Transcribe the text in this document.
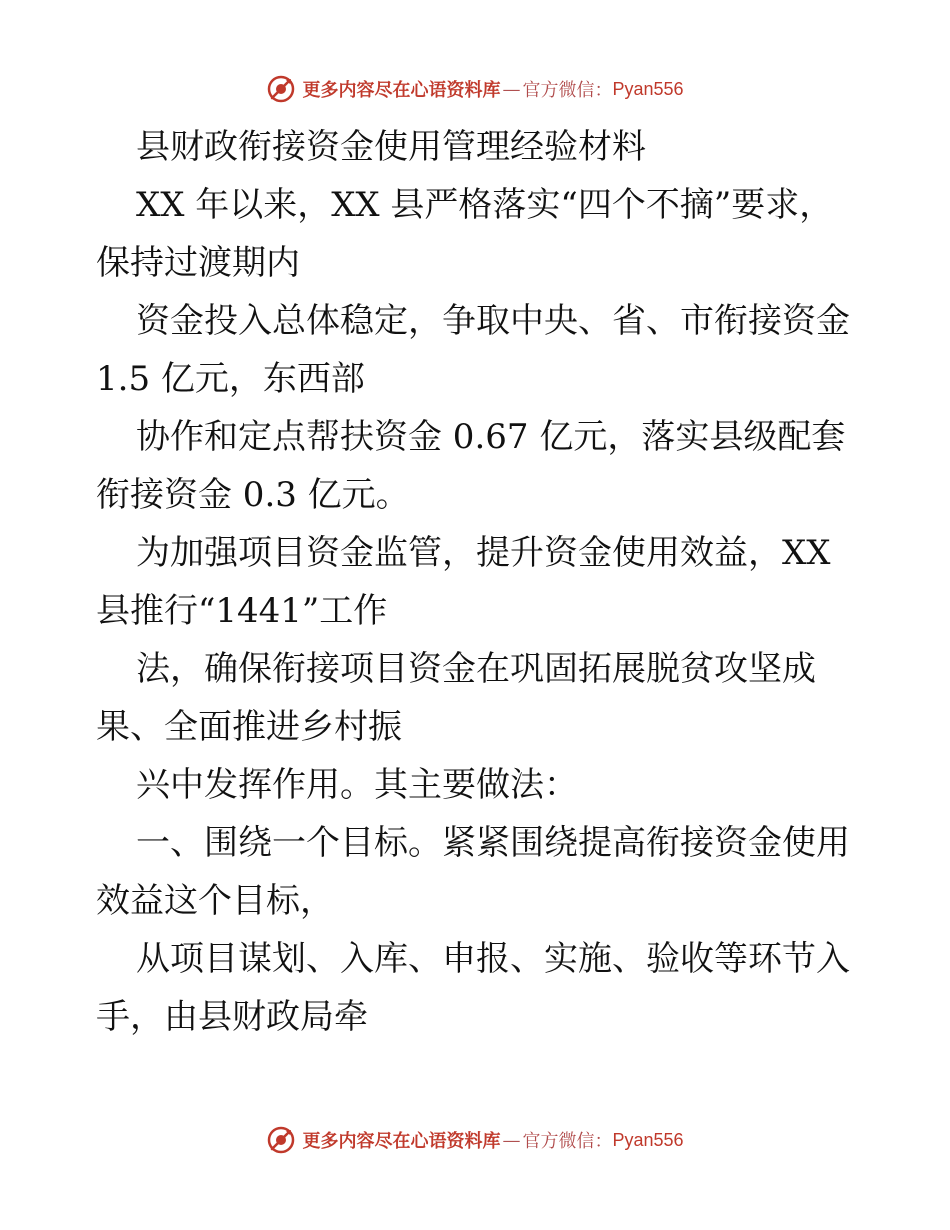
更多内容尽在心语资料库 — 官方微信： Pyan556
县财政衔接资金使用管理经验材料
XX 年以来，XX 县严格落实“四个不摘”要求，
保持过渡期内
资金投入总体稳定，争取中央、省、市衔接资金
1.5 亿元，东西部
协作和定点帮扶资金 0.67 亿元，落实县级配套
衔接资金 0.3 亿元。
为加强项目资金监管，提升资金使用效益，XX
县推行“1441”工作
法，确保衔接项目资金在巩固拓展脱贫攻坚成
果、全面推进乡村振
兴中发挥作用。其主要做法：
一、围绕一个目标。紧紧围绕提高衔接资金使用
效益这个目标，
从项目谋划、入库、申报、实施、验收等环节入
手，由县财政局牵
更多内容尽在心语资料库 — 官方微信： Pyan556
